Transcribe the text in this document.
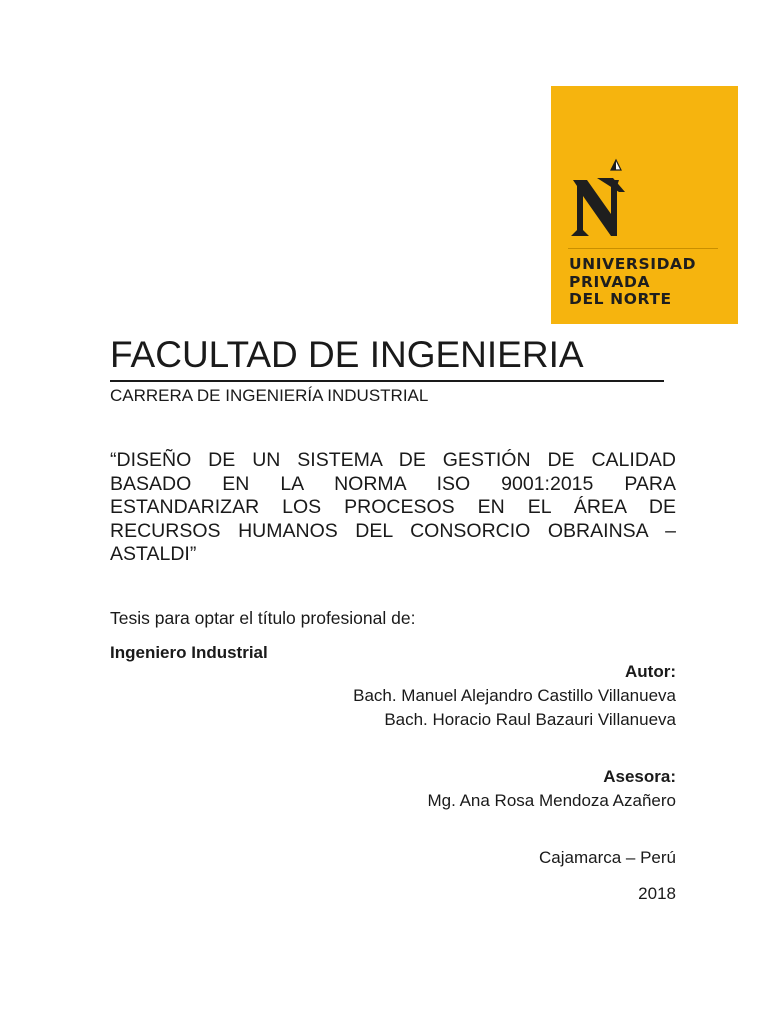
UNIVERSIDAD
PRIVADA
DEL NORTE
FACULTAD DE INGENIERIA
CARRERA DE INGENIERÍA INDUSTRIAL
“DISEÑO DE UN SISTEMA DE GESTIÓN DE CALIDAD BASADO EN LA NORMA ISO 9001:2015 PARA ESTANDARIZAR LOS PROCESOS EN EL ÁREA DE RECURSOS HUMANOS DEL CONSORCIO OBRAINSA – ASTALDI”
Tesis para optar el título profesional de:
Ingeniero Industrial
Autor:
Bach. Manuel Alejandro Castillo Villanueva
Bach. Horacio Raul Bazauri Villanueva
Asesora:
Mg. Ana Rosa Mendoza Azañero
Cajamarca – Perú
2018
